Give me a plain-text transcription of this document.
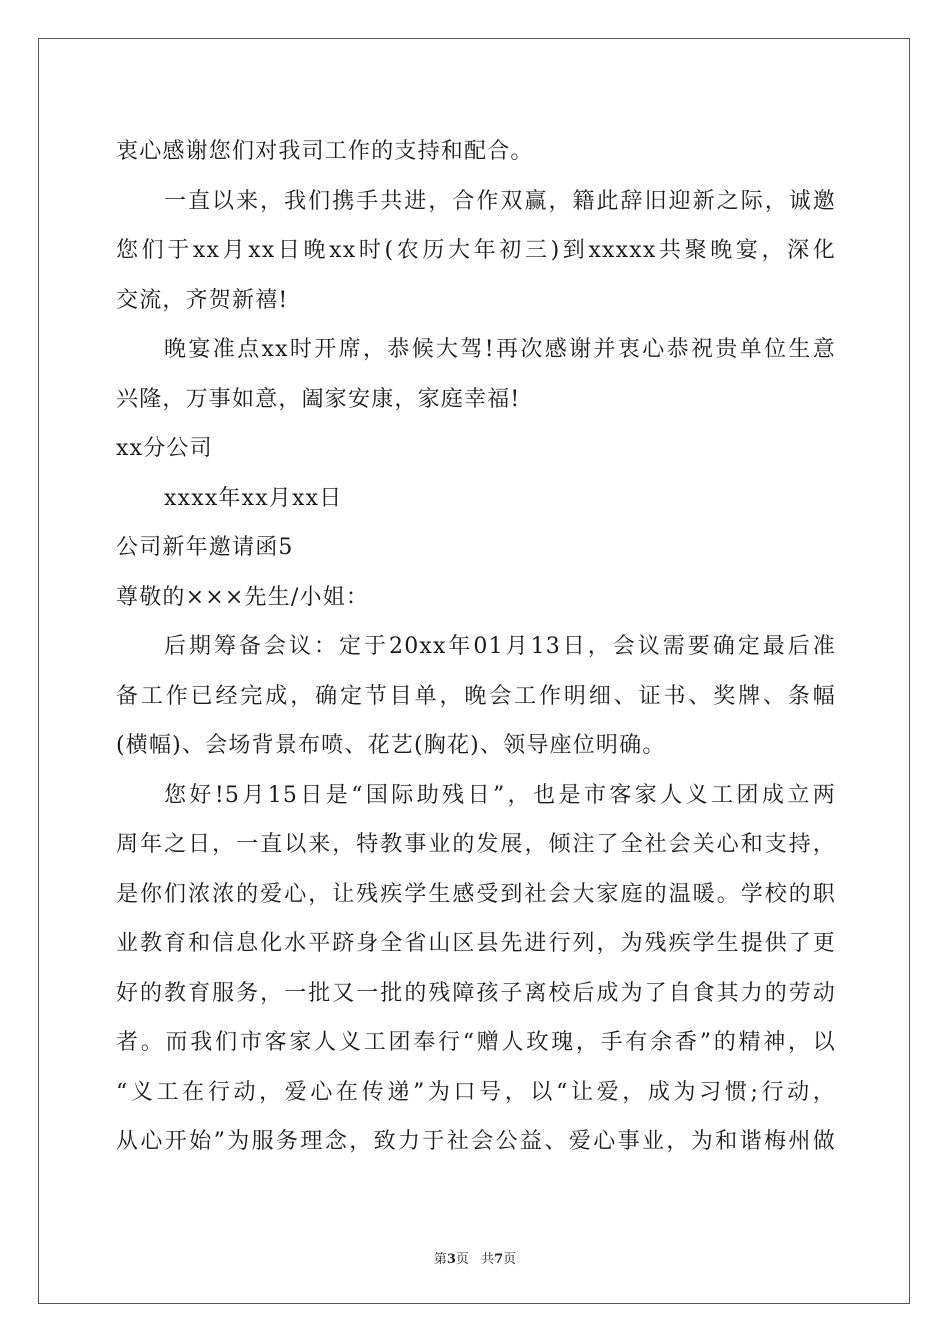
衷心感谢您们对我司工作的支持和配合。
一直以来，我们携手共进，合作双赢，籍此辞旧迎新之际，诚邀
您们于xx月xx日晚xx时(农历大年初三)到xxxxx共聚晚宴，深化
交流，齐贺新禧!
晚宴准点xx时开席，恭候大驾!再次感谢并衷心恭祝贵单位生意
兴隆，万事如意，阖家安康，家庭幸福!
xx分公司
xxxx年xx月xx日
公司新年邀请函5
尊敬的×××先生/小姐：
后期筹备会议：定于20xx年01月13日，会议需要确定最后准
备工作已经完成，确定节目单，晚会工作明细、证书、奖牌、条幅
(横幅)、会场背景布喷、花艺(胸花)、领导座位明确。
您好!5月15日是“国际助残日”，也是市客家人义工团成立两
周年之日，一直以来，特教事业的发展，倾注了全社会关心和支持，
是你们浓浓的爱心，让残疾学生感受到社会大家庭的温暖。学校的职
业教育和信息化水平跻身全省山区县先进行列，为残疾学生提供了更
好的教育服务，一批又一批的残障孩子离校后成为了自食其力的劳动
者。而我们市客家人义工团奉行“赠人玫瑰，手有余香”的精神，以
“义工在行动，爱心在传递”为口号，以“让爱，成为习惯;行动，
从心开始”为服务理念，致力于社会公益、爱心事业，为和谐梅州做
第3页 共7页
